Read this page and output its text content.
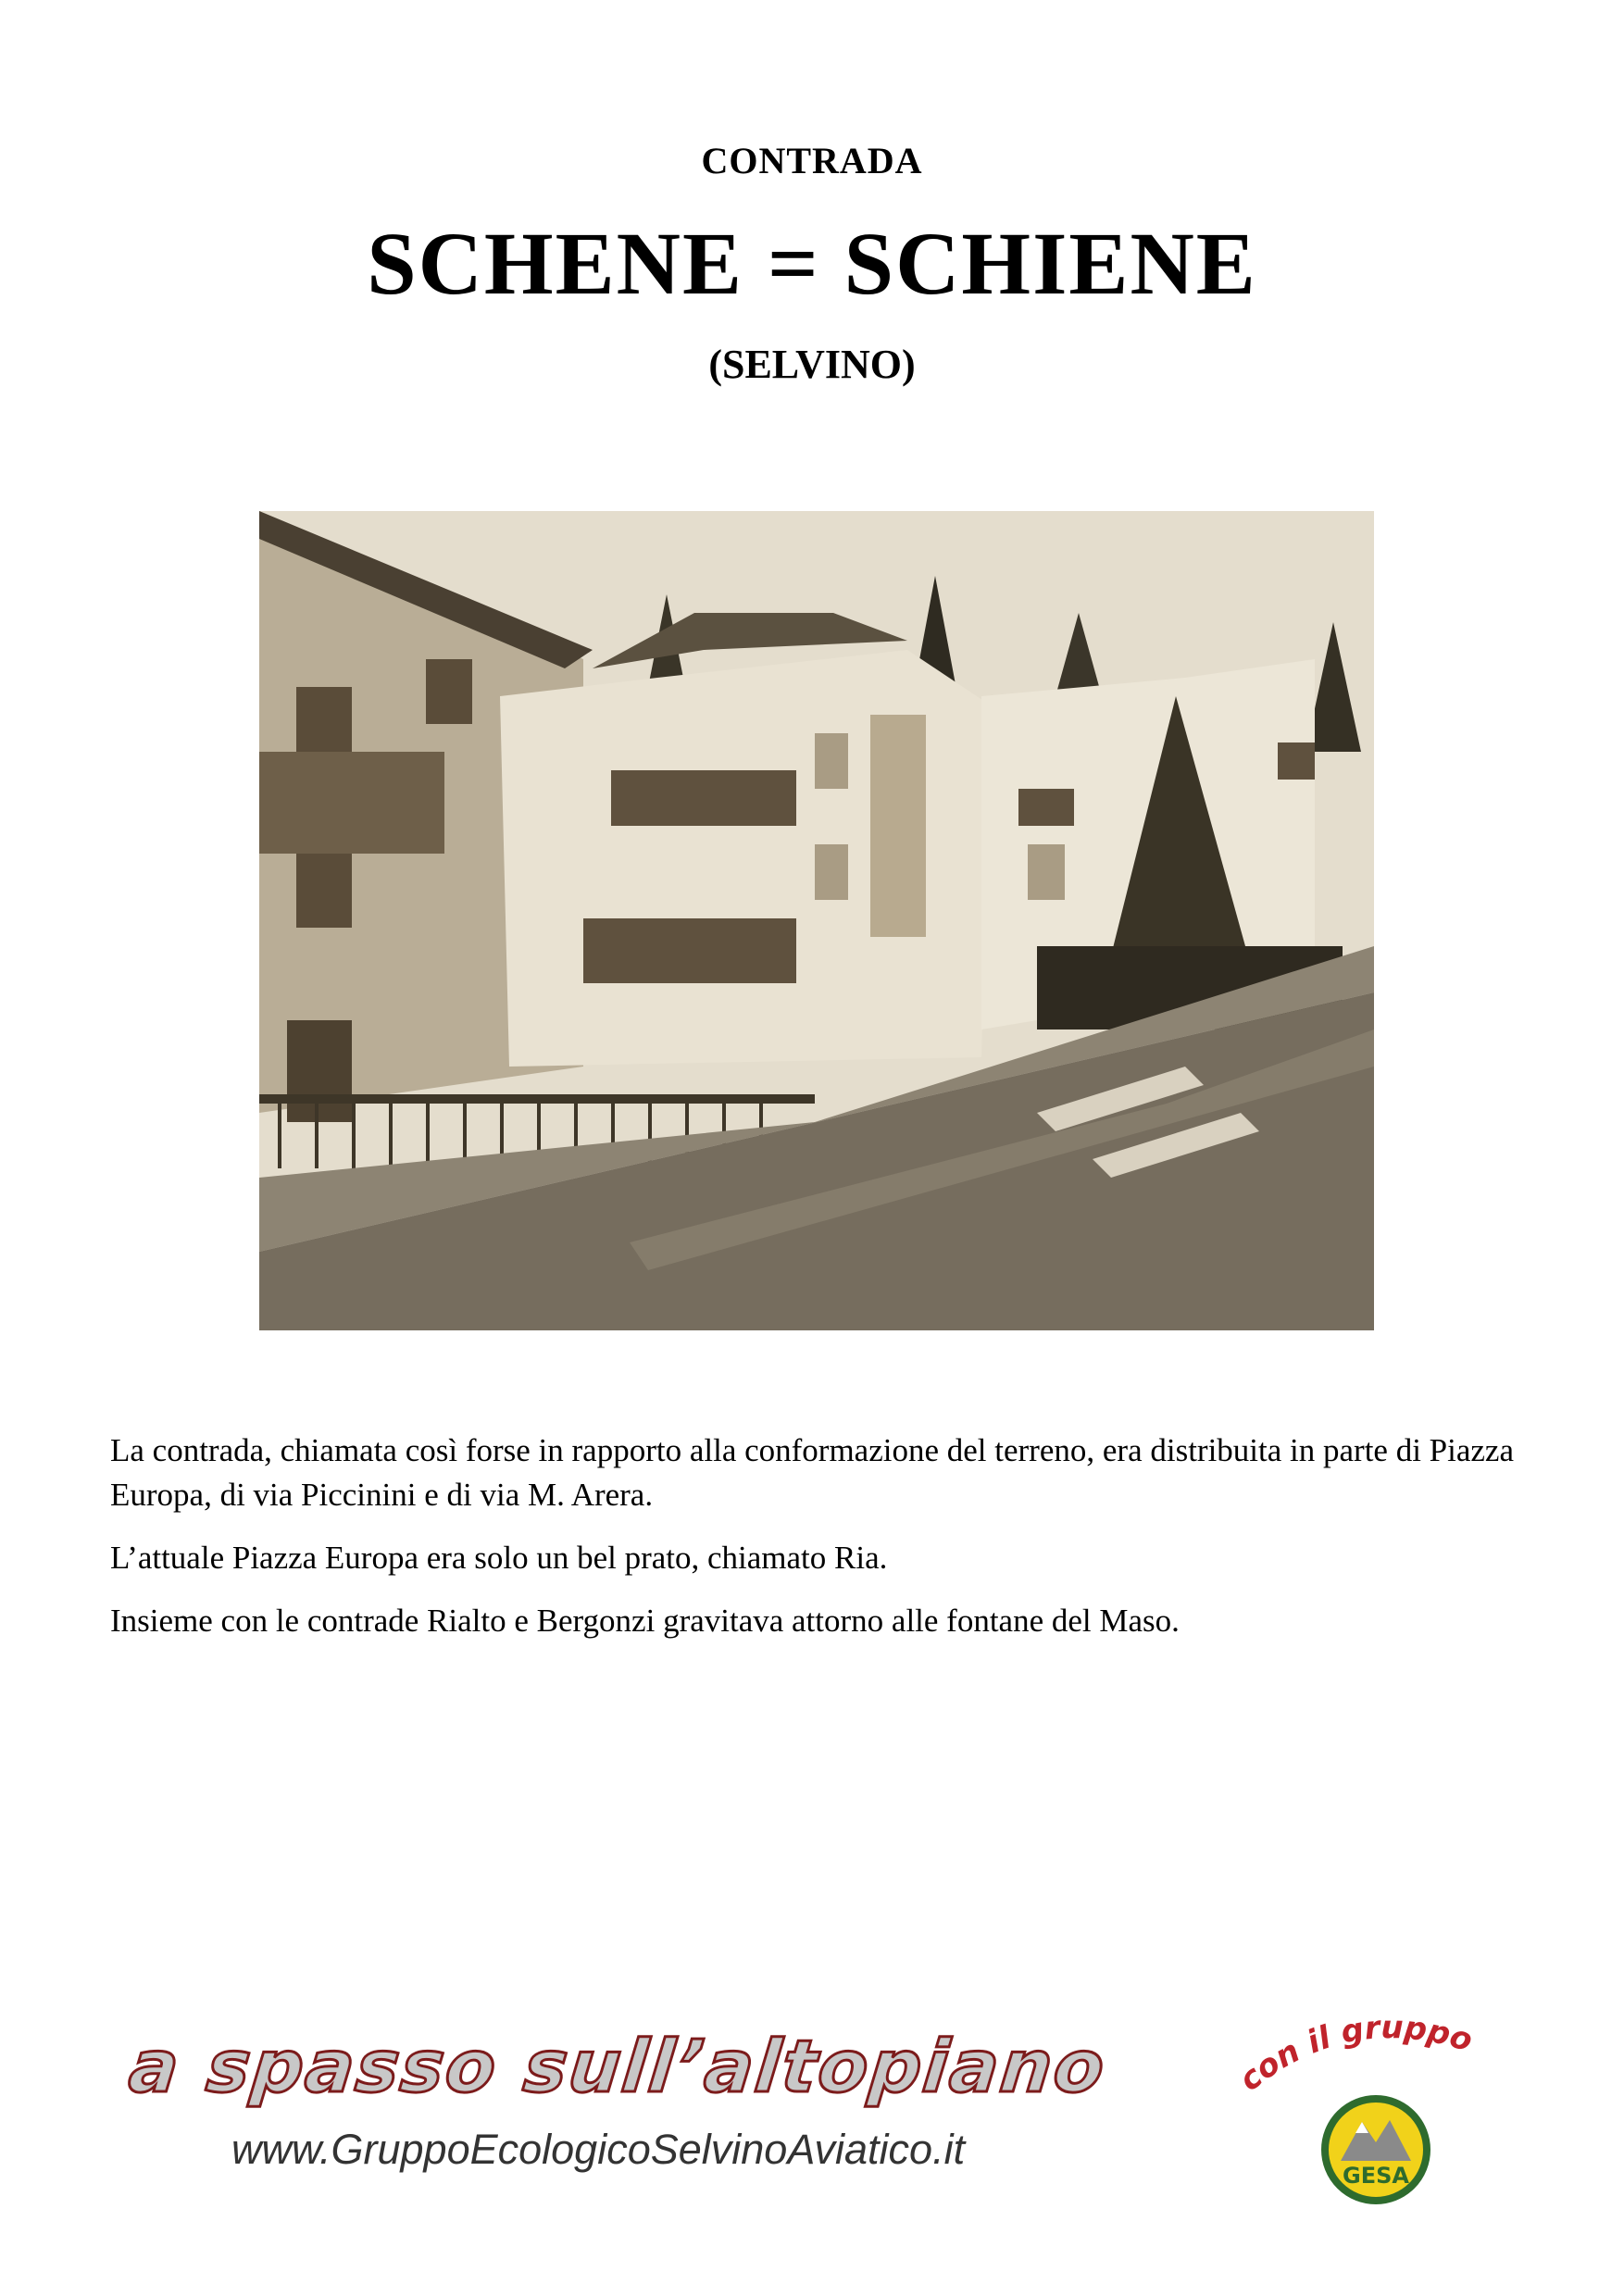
CONTRADA
SCHENE = SCHIENE
(SELVINO)

La contrada, chiamata così forse in rapporto alla conformazione del terreno, era distribuita in parte di Piazza Europa, di via Piccinini e di via M. Arera.

L’attuale Piazza Europa era solo un bel prato, chiamato Ria.

Insieme con le contrade Rialto e Bergonzi gravitava attorno alle fontane del Maso.

a spasso sull’altopiano
www.GruppoEcologicoSelvinoAviatico.it
con il gruppo
GESA
